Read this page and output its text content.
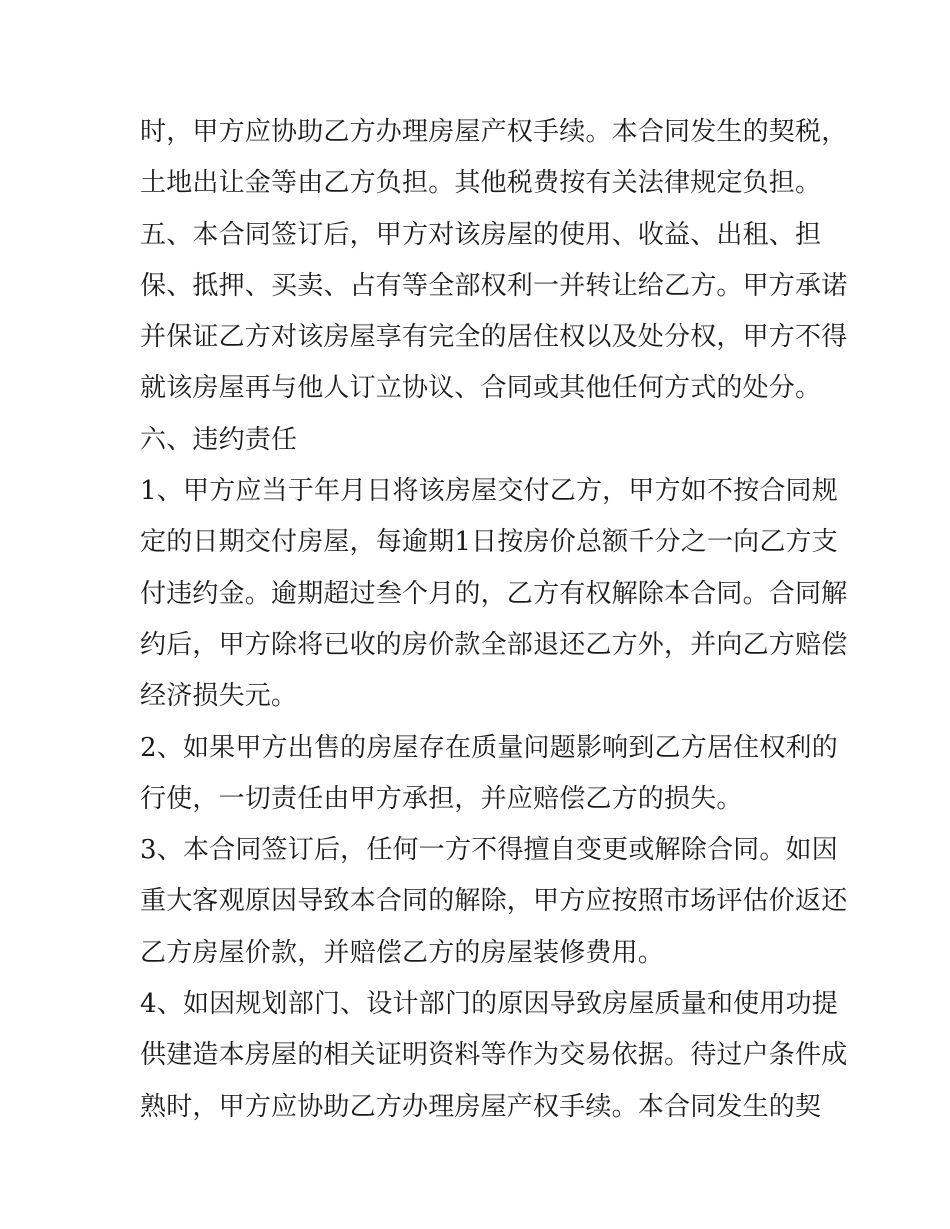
时，甲方应协助乙方办理房屋产权手续。本合同发生的契税，
土地出让金等由乙方负担。其他税费按有关法律规定负担。
五、本合同签订后，甲方对该房屋的使用、收益、出租、担
保、抵押、买卖、占有等全部权利一并转让给乙方。甲方承诺
并保证乙方对该房屋享有完全的居住权以及处分权，甲方不得
就该房屋再与他人订立协议、合同或其他任何方式的处分。
六、违约责任
1、甲方应当于年月日将该房屋交付乙方，甲方如不按合同规
定的日期交付房屋，每逾期1日按房价总额千分之一向乙方支
付违约金。逾期超过叁个月的，乙方有权解除本合同。合同解
约后，甲方除将已收的房价款全部退还乙方外，并向乙方赔偿
经济损失元。
2、如果甲方出售的房屋存在质量问题影响到乙方居住权利的
行使，一切责任由甲方承担，并应赔偿乙方的损失。
3、本合同签订后，任何一方不得擅自变更或解除合同。如因
重大客观原因导致本合同的解除，甲方应按照市场评估价返还
乙方房屋价款，并赔偿乙方的房屋装修费用。
4、如因规划部门、设计部门的原因导致房屋质量和使用功提
供建造本房屋的相关证明资料等作为交易依据。待过户条件成
熟时，甲方应协助乙方办理房屋产权手续。本合同发生的契
